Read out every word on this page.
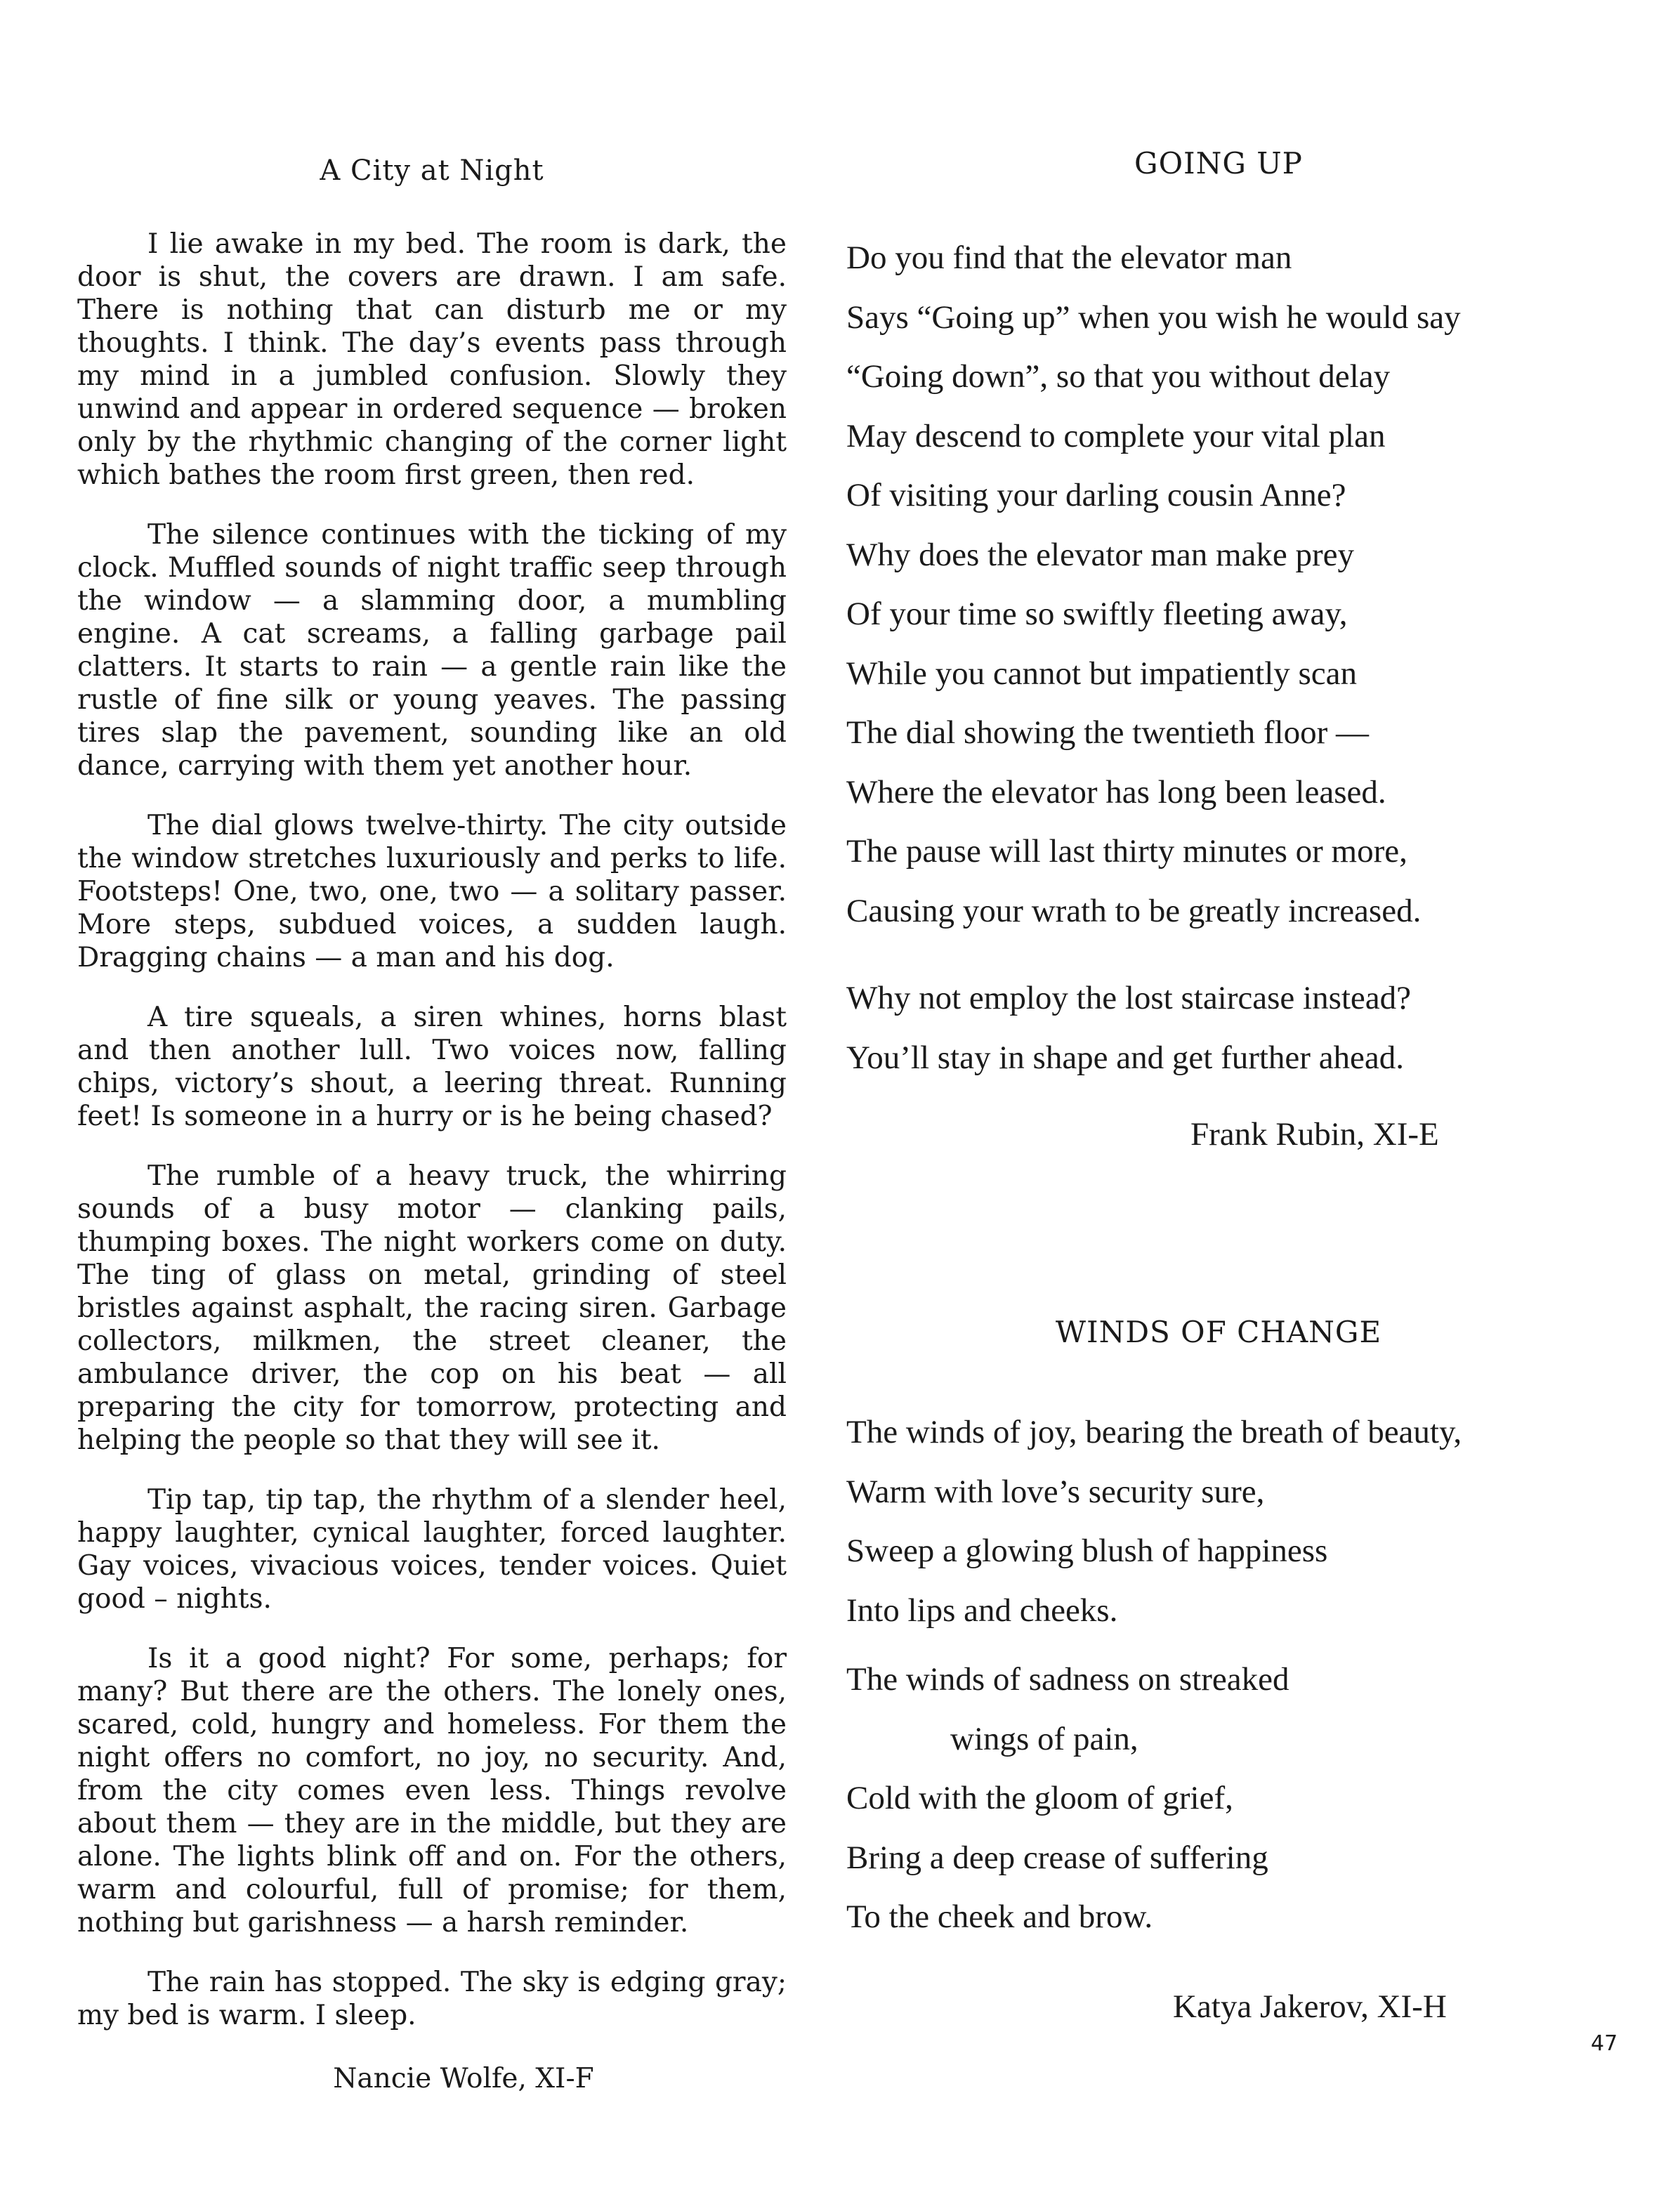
A City at Night

I lie awake in my bed. The room is dark, the door is shut, the covers are drawn. I am safe. There is nothing that can disturb me or my thoughts. I think. The day’s events pass through my mind in a jumbled confusion. Slowly they unwind and appear in ordered sequence — broken only by the rhythmic changing of the corner light which bathes the room first green, then red.

The silence continues with the ticking of my clock. Muffled sounds of night traffic seep through the window — a slamming door, a mumbling engine. A cat screams, a falling garbage pail clatters. It starts to rain — a gentle rain like the rustle of fine silk or young yeaves. The passing tires slap the pavement, sounding like an old dance, carrying with them yet another hour.

The dial glows twelve-thirty. The city outside the window stretches luxuriously and perks to life. Footsteps! One, two, one, two — a solitary passer. More steps, subdued voices, a sudden laugh. Dragging chains — a man and his dog.

A tire squeals, a siren whines, horns blast and then another lull. Two voices now, falling chips, victory’s shout, a leering threat. Running feet! Is someone in a hurry or is he being chased?

The rumble of a heavy truck, the whirring sounds of a busy motor — clanking pails, thumping boxes. The night workers come on duty. The ting of glass on metal, grinding of steel bristles against asphalt, the racing siren. Garbage collectors, milkmen, the street cleaner, the ambulance driver, the cop on his beat — all preparing the city for tomorrow, protecting and helping the people so that they will see it.

Tip tap, tip tap, the rhythm of a slender heel, happy laughter, cynical laughter, forced laughter. Gay voices, vivacious voices, tender voices. Quiet good – nights.

Is it a good night? For some, perhaps; for many? But there are the others. The lonely ones, scared, cold, hungry and homeless. For them the night offers no comfort, no joy, no security. And, from the city comes even less. Things revolve about them — they are in the middle, but they are alone. The lights blink off and on. For the others, warm and colourful, full of promise; for them, nothing but garishness — a harsh reminder.

The rain has stopped. The sky is edging gray; my bed is warm. I sleep.

Nancie Wolfe, XI-F
GOING UP
Do you find that the elevator man
Says “Going up” when you wish he would say
“Going down”, so that you without delay
May descend to complete your vital plan
Of visiting your darling cousin Anne?
Why does the elevator man make prey
Of your time so swiftly fleeting away,
While you cannot but impatiently scan
The dial showing the twentieth floor —
Where the elevator has long been leased.
The pause will last thirty minutes or more,
Causing your wrath to be greatly increased.
Why not employ the lost staircase instead?
You’ll stay in shape and get further ahead.
Frank Rubin, XI-E
WINDS OF CHANGE
The winds of joy, bearing the breath of beauty,
Warm with love’s security sure,
Sweep a glowing blush of happiness
Into lips and cheeks.
The winds of sadness on streaked
wings of pain,
Cold with the gloom of grief,
Bring a deep crease of suffering
To the cheek and brow.
Katya Jakerov, XI-H
47
